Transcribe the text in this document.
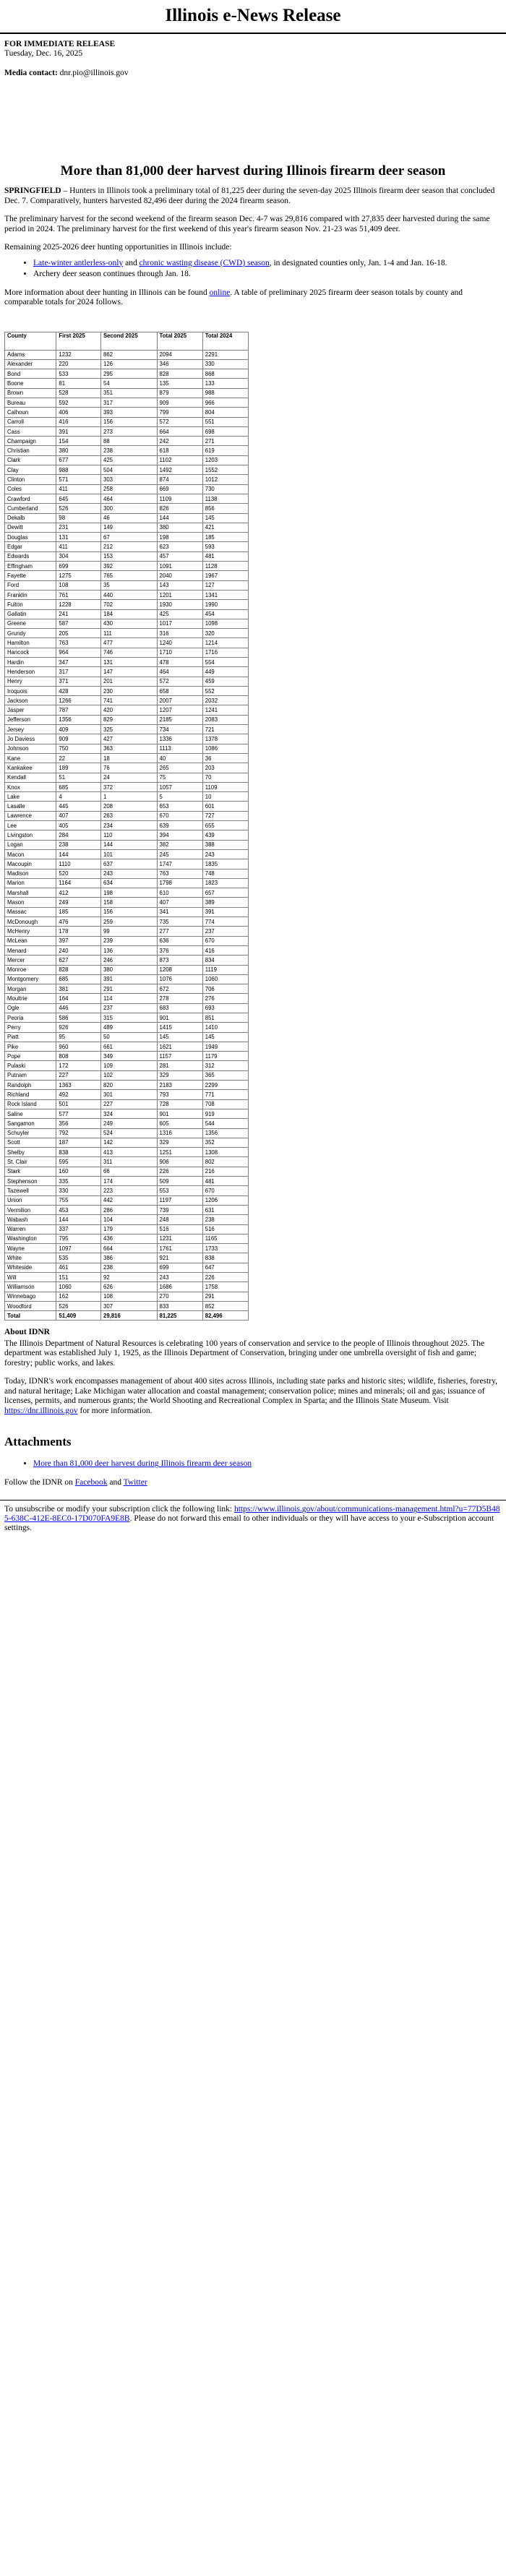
Illinois e-News Release
FOR IMMEDIATE RELEASE
Tuesday, Dec. 16, 2025
Media contact: dnr.pio@illinois.gov
More than 81,000 deer harvest during Illinois firearm deer season

SPRINGFIELD – Hunters in Illinois took a preliminary total of 81,225 deer during the seven-day 2025 Illinois firearm deer season that concluded Dec. 7. Comparatively, hunters harvested 82,496 deer during the 2024 firearm season.

The preliminary harvest for the second weekend of the firearm season Dec. 4-7 was 29,816 compared with 27,835 deer harvested during the same period in 2024. The preliminary harvest for the first weekend of this year's firearm season Nov. 21-23 was 51,409 deer.

Remaining 2025-2026 deer hunting opportunities in Illinois include:

• Late-winter antlerless-only and chronic wasting disease (CWD) season, in designated counties only, Jan. 1-4 and Jan. 16-18.
• Archery deer season continues through Jan. 18.

More information about deer hunting in Illinois can be found online. A table of preliminary 2025 firearm deer season totals by county and comparable totals for 2024 follows.

County	First 2025	Second 2025	Total 2025	Total 2024
Adams	1232	862	2094	2291
Alexander	220	126	346	330
Bond	533	295	828	868
Boone	81	54	135	133
Brown	528	351	879	988
Bureau	592	317	909	966
Calhoun	406	393	799	804
Carroll	416	156	572	551
Cass	391	273	664	698
Champaign	154	88	242	271
Christian	380	238	618	619
Clark	677	425	1102	1203
Clay	988	504	1492	1552
Clinton	571	303	874	1012
Coles	411	258	669	730
Crawford	645	464	1109	1138
Cumberland	526	300	826	856
Dekalb	98	46	144	145
Dewitt	231	149	380	421
Douglas	131	67	198	185
Edgar	411	212	623	593
Edwards	304	153	457	481
Effingham	699	392	1091	1128
Fayette	1275	765	2040	1967
Ford	108	35	143	127
Franklin	761	440	1201	1341
Fulton	1228	702	1930	1990
Gallatin	241	184	425	454
Greene	587	430	1017	1098
Grundy	205	111	316	320
Hamilton	763	477	1240	1214
Hancock	964	746	1710	1716
Hardin	347	131	478	554
Henderson	317	147	464	449
Henry	371	201	572	459
Iroquois	428	230	658	552
Jackson	1266	741	2007	2032
Jasper	787	420	1207	1241
Jefferson	1356	829	2185	2083
Jersey	409	325	734	721
Jo Daviess	909	427	1336	1378
Johnson	750	363	1113	1086
Kane	22	18	40	36
Kankakee	189	76	265	203
Kendall	51	24	75	70
Knox	685	372	1057	1109
Lake	4	1	5	10
Lasalle	445	208	653	601
Lawrence	407	263	670	727
Lee	405	234	639	655
Livingston	284	110	394	439
Logan	238	144	382	388
Macon	144	101	245	243
Macoupin	1110	637	1747	1835
Madison	520	243	763	748
Marion	1164	634	1798	1823
Marshall	412	198	610	657
Mason	249	158	407	389
Massac	185	156	341	391
McDonough	476	259	735	774
McHenry	178	99	277	237
McLean	397	239	636	670
Menard	240	136	376	416
Mercer	627	246	873	834
Monroe	828	380	1208	1119
Montgomery	685	391	1076	1060
Morgan	381	291	672	706
Moultrie	164	114	278	276
Ogle	446	237	683	693
Peoria	586	315	901	851
Perry	926	489	1415	1410
Piatt	95	50	145	145
Pike	960	661	1621	1949
Pope	808	349	1157	1179
Pulaski	172	109	281	312
Putnam	227	102	329	365
Randolph	1363	820	2183	2299
Richland	492	301	793	771
Rock Island	501	227	728	708
Saline	577	324	901	919
Sangamon	356	249	605	544
Schuyler	792	524	1316	1356
Scott	187	142	329	352
Shelby	838	413	1251	1308
St. Clair	595	311	906	802
Stark	160	66	226	216
Stephenson	335	174	509	481
Tazewell	330	223	553	670
Union	755	442	1197	1206
Vermilion	453	286	739	631
Wabash	144	104	248	238
Warren	337	179	516	516
Washington	795	436	1231	1165
Wayne	1097	664	1761	1733
White	535	386	921	838
Whiteside	461	238	699	647
Will	151	92	243	226
Williamson	1060	626	1686	1758
Winnebago	162	108	270	291
Woodford	526	307	833	852
Total	51,409	29,816	81,225	82,496
About IDNR

The Illinois Department of Natural Resources is celebrating 100 years of conservation and service to the people of Illinois throughout 2025. The department was established July 1, 1925, as the Illinois Department of Conservation, bringing under one umbrella oversight of fish and game; forestry; public works, and lakes.

Today, IDNR's work encompasses management of about 400 sites across Illinois, including state parks and historic sites; wildlife, fisheries, forestry, and natural heritage; Lake Michigan water allocation and coastal management; conservation police; mines and minerals; oil and gas; issuance of licenses, permits, and numerous grants; the World Shooting and Recreational Complex in Sparta; and the Illinois State Museum. Visit https://dnr.illinois.gov for more information.

Attachments
• More than 81,000 deer harvest during Illinois firearm deer season
Follow the IDNR on Facebook and Twitter
To unsubscribe or modify your subscription click the following link: https://www.illinois.gov/about/communications-management.html?u=77D5B485-638C-412E-8EC0-17D070FA9E8B. Please do not forward this email to other individuals or they will have access to your e-Subscription account settings.
